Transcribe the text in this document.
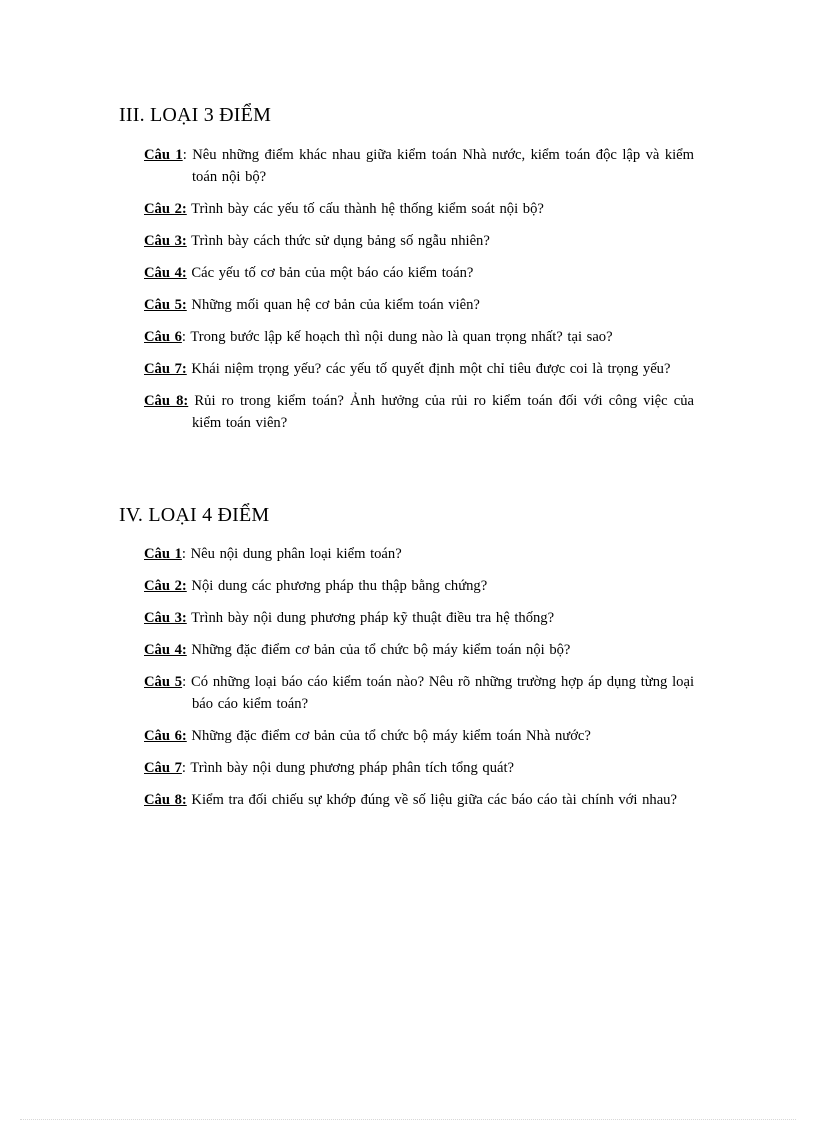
III. LOẠI 3 ĐIỂM
Câu 1: Nêu những điểm khác nhau giữa kiểm toán Nhà nước, kiểm toán độc lập và kiểm toán nội bộ?
Câu 2: Trình bày các yếu tố cấu thành hệ thống kiểm soát nội bộ?
Câu 3: Trình bày cách thức sử dụng bảng số ngẫu nhiên?
Câu 4: Các yếu tố cơ bản của một báo cáo kiểm toán?
Câu 5: Những mối quan hệ cơ bản của kiểm toán viên?
Câu 6: Trong bước lập kế hoạch thì nội dung nào là quan trọng nhất? tại sao?
Câu 7: Khái niệm trọng yếu? các yếu tố quyết định một chỉ tiêu được coi là trọng yếu?
Câu 8: Rủi ro trong kiểm toán? Ảnh hưởng của rủi ro kiểm toán đối với công việc của kiểm toán viên?
IV. LOẠI 4 ĐIỂM
Câu 1: Nêu nội dung phân loại kiểm toán?
Câu 2: Nội dung các phương pháp thu thập bằng chứng?
Câu 3: Trình bày nội dung phương pháp kỹ thuật điều tra hệ thống?
Câu 4: Những đặc điểm cơ bản của tổ chức bộ máy kiểm toán nội bộ?
Câu 5: Có những loại báo cáo kiểm toán nào? Nêu rõ những trường hợp áp dụng từng loại báo cáo kiểm toán?
Câu 6: Những đặc điểm cơ bản của tổ chức bộ máy kiểm toán Nhà nước?
Câu 7: Trình bày nội dung phương pháp phân tích tổng quát?
Câu 8: Kiểm tra đối chiếu sự khớp đúng về số liệu giữa các báo cáo tài chính với nhau?
